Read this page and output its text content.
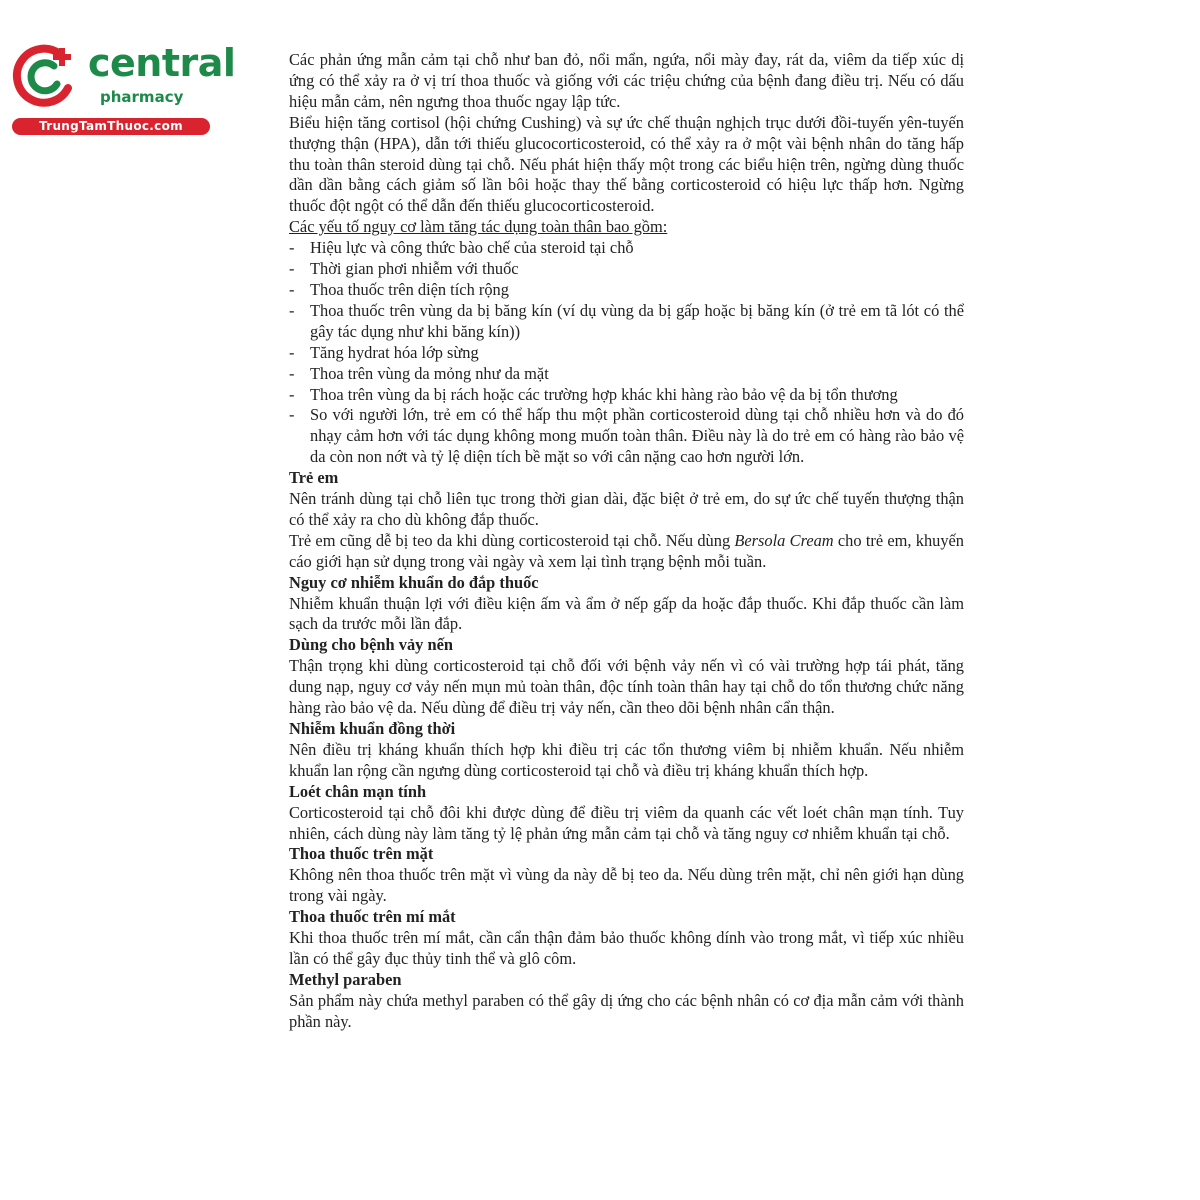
central
pharmacy
TrungTamThuoc.com

Các phản ứng mẫn cảm tại chỗ như ban đỏ, nổi mẩn, ngứa, nổi mày đay, rát da, viêm da tiếp xúc dị ứng có thể xảy ra ở vị trí thoa thuốc và giống với các triệu chứng của bệnh đang điều trị. Nếu có dấu hiệu mẫn cảm, nên ngưng thoa thuốc ngay lập tức.

Biểu hiện tăng cortisol (hội chứng Cushing) và sự ức chế thuận nghịch trục dưới đồi-tuyến yên-tuyến thượng thận (HPA), dẫn tới thiếu glucocorticosteroid, có thể xảy ra ở một vài bệnh nhân do tăng hấp thu toàn thân steroid dùng tại chỗ. Nếu phát hiện thấy một trong các biểu hiện trên, ngừng dùng thuốc dần dần bằng cách giảm số lần bôi hoặc thay thế bằng corticosteroid có hiệu lực thấp hơn. Ngừng thuốc đột ngột có thể dẫn đến thiếu glucocorticosteroid.

Các yếu tố nguy cơ làm tăng tác dụng toàn thân bao gồm:

- Hiệu lực và công thức bào chế của steroid tại chỗ
- Thời gian phơi nhiễm với thuốc
- Thoa thuốc trên diện tích rộng
- Thoa thuốc trên vùng da bị băng kín (ví dụ vùng da bị gấp hoặc bị băng kín (ở trẻ em tã lót có thể gây tác dụng như khi băng kín))
- Tăng hydrat hóa lớp sừng
- Thoa trên vùng da mỏng như da mặt
- Thoa trên vùng da bị rách hoặc các trường hợp khác khi hàng rào bảo vệ da bị tổn thương
- So với người lớn, trẻ em có thể hấp thu một phần corticosteroid dùng tại chỗ nhiều hơn và do đó nhạy cảm hơn với tác dụng không mong muốn toàn thân. Điều này là do trẻ em có hàng rào bảo vệ da còn non nớt và tỷ lệ diện tích bề mặt so với cân nặng cao hơn người lớn.
Trẻ em

Nên tránh dùng tại chỗ liên tục trong thời gian dài, đặc biệt ở trẻ em, do sự ức chế tuyến thượng thận có thể xảy ra cho dù không đắp thuốc.

Trẻ em cũng dễ bị teo da khi dùng corticosteroid tại chỗ. Nếu dùng Bersola Cream cho trẻ em, khuyến cáo giới hạn sử dụng trong vài ngày và xem lại tình trạng bệnh mỗi tuần.

Nguy cơ nhiễm khuẩn do đắp thuốc

Nhiễm khuẩn thuận lợi với điều kiện ấm và ẩm ở nếp gấp da hoặc đắp thuốc. Khi đắp thuốc cần làm sạch da trước mỗi lần đắp.

Dùng cho bệnh vảy nến

Thận trọng khi dùng corticosteroid tại chỗ đối với bệnh vảy nến vì có vài trường hợp tái phát, tăng dung nạp, nguy cơ vảy nến mụn mủ toàn thân, độc tính toàn thân hay tại chỗ do tổn thương chức năng hàng rào bảo vệ da. Nếu dùng để điều trị vảy nến, cần theo dõi bệnh nhân cẩn thận.

Nhiễm khuẩn đồng thời

Nên điều trị kháng khuẩn thích hợp khi điều trị các tổn thương viêm bị nhiễm khuẩn. Nếu nhiễm khuẩn lan rộng cần ngưng dùng corticosteroid tại chỗ và điều trị kháng khuẩn thích hợp.

Loét chân mạn tính

Corticosteroid tại chỗ đôi khi được dùng để điều trị viêm da quanh các vết loét chân mạn tính. Tuy nhiên, cách dùng này làm tăng tỷ lệ phản ứng mẫn cảm tại chỗ và tăng nguy cơ nhiễm khuẩn tại chỗ.

Thoa thuốc trên mặt

Không nên thoa thuốc trên mặt vì vùng da này dễ bị teo da. Nếu dùng trên mặt, chỉ nên giới hạn dùng trong vài ngày.

Thoa thuốc trên mí mắt

Khi thoa thuốc trên mí mắt, cần cẩn thận đảm bảo thuốc không dính vào trong mắt, vì tiếp xúc nhiều lần có thể gây đục thủy tinh thể và glô côm.

Methyl paraben

Sản phẩm này chứa methyl paraben có thể gây dị ứng cho các bệnh nhân có cơ địa mẫn cảm với thành phần này.
